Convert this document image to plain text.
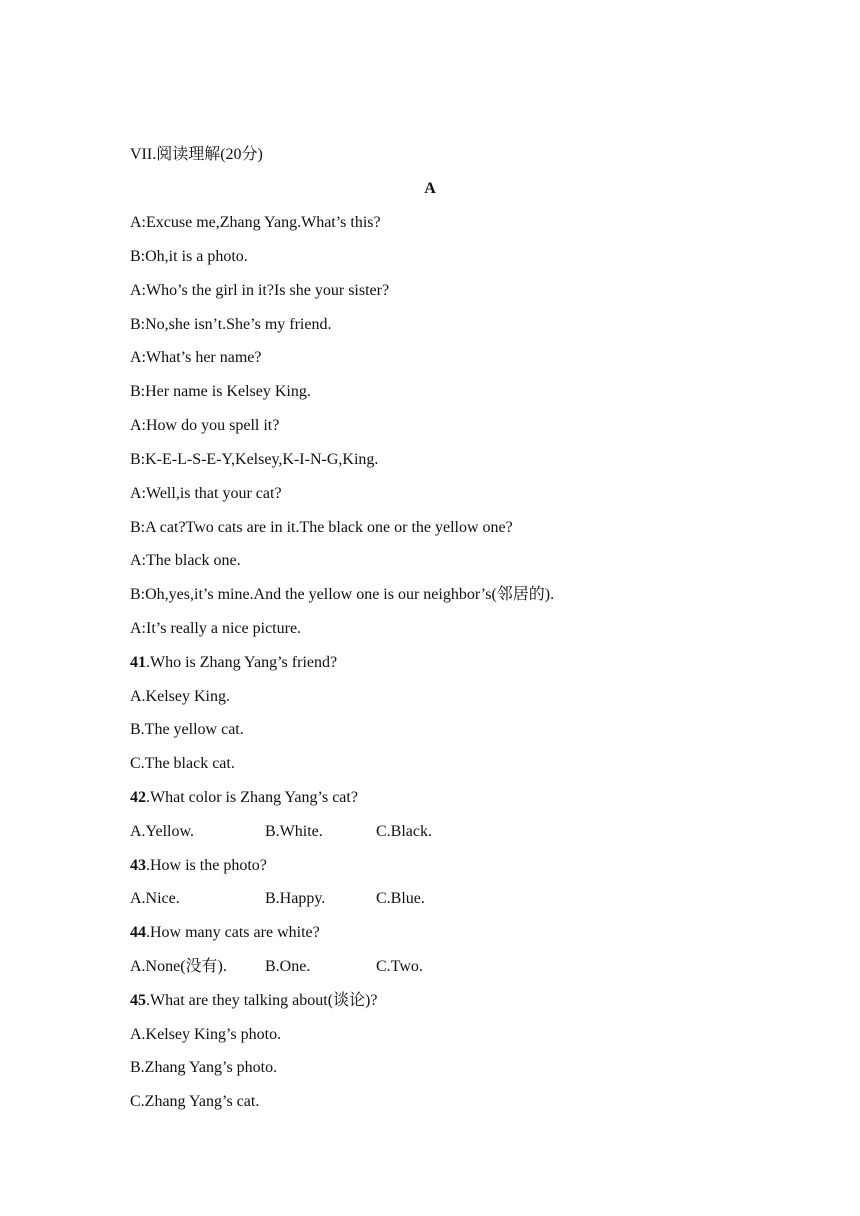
VII.阅读理解(20分)
A
A:Excuse me,Zhang Yang.What’s this?
B:Oh,it is a photo.
A:Who’s the girl in it?Is she your sister?
B:No,she isn’t.She’s my friend.
A:What’s her name?
B:Her name is Kelsey King.
A:How do you spell it?
B:K-E-L-S-E-Y,Kelsey,K-I-N-G,King.
A:Well,is that your cat?
B:A cat?Two cats are in it.The black one or the yellow one?
A:The black one.
B:Oh,yes,it’s mine.And the yellow one is our neighbor’s(邻居的).
A:It’s really a nice picture.
41.Who is Zhang Yang’s friend?
A.Kelsey King.
B.The yellow cat.
C.The black cat.
42.What color is Zhang Yang’s cat?
A.Yellow.	B.White.	C.Black.
43.How is the photo?
A.Nice.	B.Happy.	C.Blue.
44.How many cats are white?
A.None(没有). B.One.	C.Two.
45.What are they talking about(谈论)?
A.Kelsey King’s photo.
B.Zhang Yang’s photo.
C.Zhang Yang’s cat.
